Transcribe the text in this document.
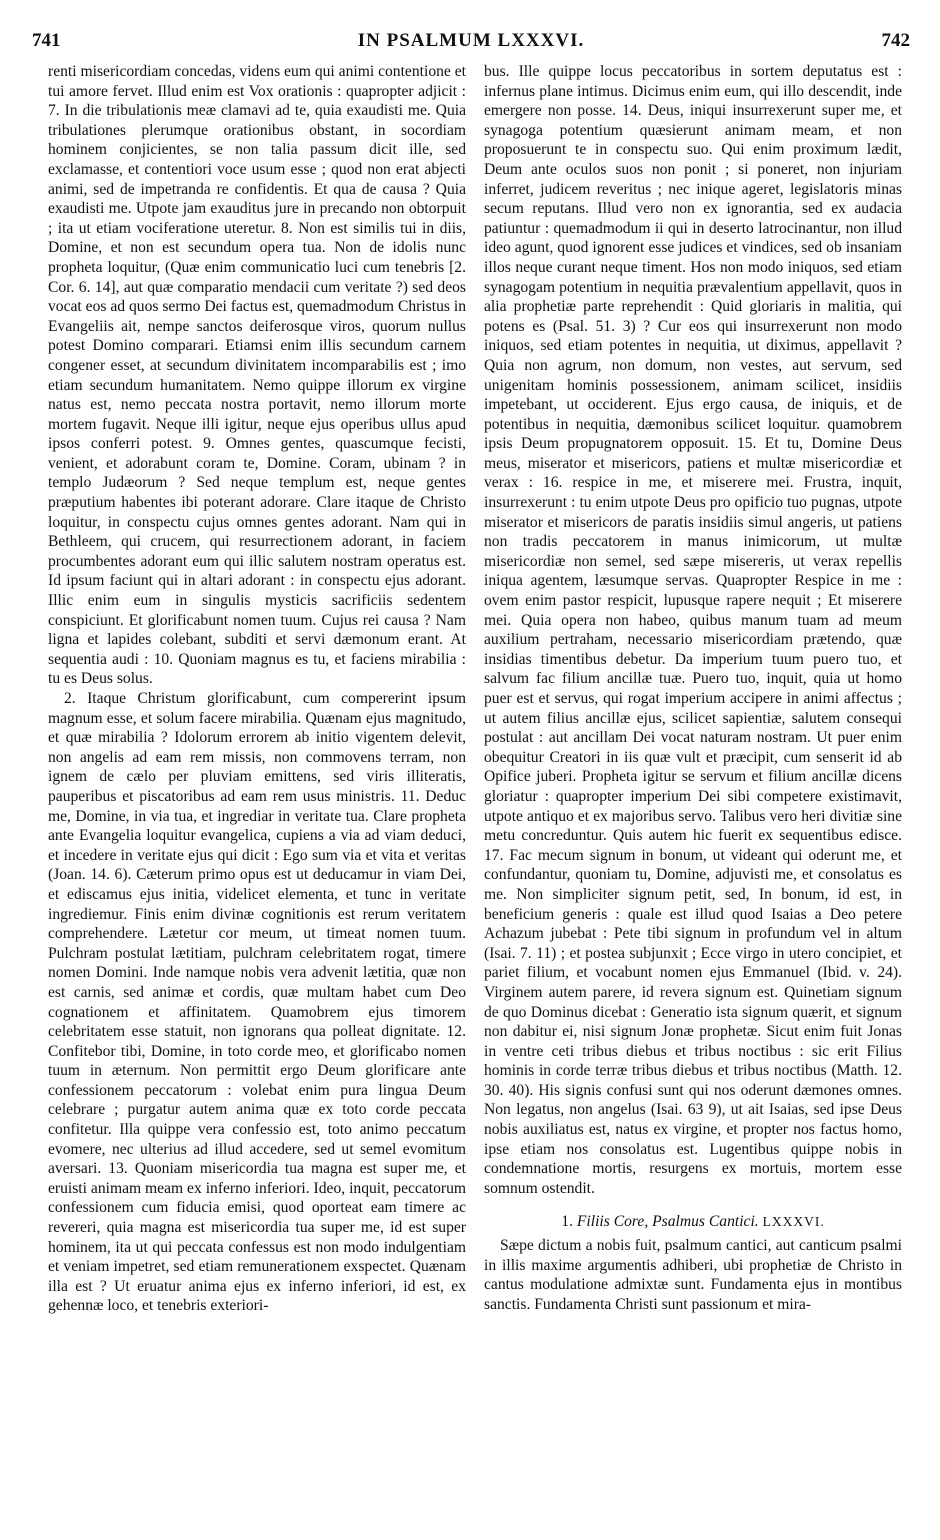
741	IN PSALMUM LXXXVI.	742

renti misericordiam concedas, videns eum qui animi contentione et tui amore fervet. Illud enim est Vox orationis : quapropter adjicit : 7. In die tribulationis meæ clamavi ad te, quia exaudisti me. Quia tribulationes plerumque orationibus obstant, in socordiam hominem conjicientes, se non talia passum dicit ille, sed exclamasse, et contentiori voce usum esse ; quod non erat abjecti animi, sed de impetranda re confidentis. Et qua de causa ? Quia exaudisti me. Utpote jam exauditus jure in precando non obtorpuit ; ita ut etiam vociferatione uteretur. 8. Non est similis tui in diis, Domine, et non est secundum opera tua. Non de idolis nunc propheta loquitur, (Quæ enim communicatio luci cum tenebris [2. Cor. 6. 14], aut quæ comparatio mendacii cum veritate ?) sed deos vocat eos ad quos sermo Dei factus est, quemadmodum Christus in Evangeliis ait, nempe sanctos deiferosque viros, quorum nullus potest Domino comparari. Etiamsi enim illis secundum carnem congener esset, at secundum divinitatem incomparabilis est ; imo etiam secundum humanitatem. Nemo quippe illorum ex virgine natus est, nemo peccata nostra portavit, nemo illorum morte mortem fugavit. Neque illi igitur, neque ejus operibus ullus apud ipsos conferri potest. 9. Omnes gentes, quascumque fecisti, venient, et adorabunt coram te, Domine. Coram, ubinam ? in templo Judæorum ? Sed neque templum est, neque gentes præputium habentes ibi poterant adorare. Clare itaque de Christo loquitur, in conspectu cujus omnes gentes adorant. Nam qui in Bethleem, qui crucem, qui resurrectionem adorant, in faciem procumbentes adorant eum qui illic salutem nostram operatus est. Id ipsum faciunt qui in altari adorant : in conspectu ejus adorant. Illic enim eum in singulis mysticis sacrificiis sedentem conspiciunt. Et glorificabunt nomen tuum. Cujus rei causa ? Nam ligna et lapides colebant, subditi et servi dæmonum erant. At sequentia audi : 10. Quoniam magnus es tu, et faciens mirabilia : tu es Deus solus.

2. Itaque Christum glorificabunt, cum compererint ipsum magnum esse, et solum facere mirabilia. Quænam ejus magnitudo, et quæ mirabilia ? Idolorum errorem ab initio vigentem delevit, non angelis ad eam rem missis, non commovens terram, non ignem de cælo per pluviam emittens, sed viris illiteratis, pauperibus et piscatoribus ad eam rem usus ministris. 11. Deduc me, Domine, in via tua, et ingrediar in veritate tua. Clare propheta ante Evangelia loquitur evangelica, cupiens a via ad viam deduci, et incedere in veritate ejus qui dicit : Ego sum via et vita et veritas (Joan. 14. 6). Cæterum primo opus est ut deducamur in viam Dei, et ediscamus ejus initia, videlicet elementa, et tunc in veritate ingrediemur. Finis enim divinæ cognitionis est rerum veritatem comprehendere. Lætetur cor meum, ut timeat nomen tuum. Pulchram postulat lætitiam, pulchram celebritatem rogat, timere nomen Domini. Inde namque nobis vera advenit lætitia, quæ non est carnis, sed animæ et cordis, quæ multam habet cum Deo cognationem et affinitatem. Quamobrem ejus timorem celebritatem esse statuit, non ignorans qua polleat dignitate. 12. Confitebor tibi, Domine, in toto corde meo, et glorificabo nomen tuum in æternum. Non permittit ergo Deum glorificare ante confessionem peccatorum : volebat enim pura lingua Deum celebrare ; purgatur autem anima quæ ex toto corde peccata confitetur. Illa quippe vera confessio est, toto animo peccatum evomere, nec ulterius ad illud accedere, sed ut semel evomitum aversari. 13. Quoniam misericordia tua magna est super me, et eruisti animam meam ex inferno inferiori. Ideo, inquit, peccatorum confessionem cum fiducia emisi, quod oporteat eam timere ac revereri, quia magna est misericordia tua super me, id est super hominem, ita ut qui peccata confessus est non modo indulgentiam et veniam impetret, sed etiam remunerationem exspectet. Quænam illa est ? Ut eruatur anima ejus ex inferno inferiori, id est, ex gehennæ loco, et tenebris exteriori-

bus. Ille quippe locus peccatoribus in sortem deputatus est : infernus plane intimus. Dicimus enim eum, qui illo descendit, inde emergere non posse. 14. Deus, iniqui insurrexerunt super me, et synagoga potentium quæsierunt animam meam, et non proposuerunt te in conspectu suo. Qui enim proximum lædit, Deum ante oculos suos non ponit ; si poneret, non injuriam inferret, judicem reveritus ; nec inique ageret, legislatoris minas secum reputans. Illud vero non ex ignorantia, sed ex audacia patiuntur : quemadmodum ii qui in deserto latrocinantur, non illud ideo agunt, quod ignorent esse judices et vindices, sed ob insaniam illos neque curant neque timent. Hos non modo iniquos, sed etiam synagogam potentium in nequitia prævalentium appellavit, quos in alia prophetiæ parte reprehendit : Quid gloriaris in malitia, qui potens es (Psal. 51. 3) ? Cur eos qui insurrexerunt non modo iniquos, sed etiam potentes in nequitia, ut diximus, appellavit ? Quia non agrum, non domum, non vestes, aut servum, sed unigenitam hominis possessionem, animam scilicet, insidiis impetebant, ut occiderent. Ejus ergo causa, de iniquis, et de potentibus in nequitia, dæmonibus scilicet loquitur. quamobrem ipsis Deum propugnatorem opposuit. 15. Et tu, Domine Deus meus, miserator et misericors, patiens et multæ misericordiæ et verax : 16. respice in me, et miserere mei. Frustra, inquit, insurrexerunt : tu enim utpote Deus pro opificio tuo pugnas, utpote miserator et misericors de paratis insidiis simul angeris, ut patiens non tradis peccatorem in manus inimicorum, ut multæ misericordiæ non semel, sed sæpe misereris, ut verax repellis iniqua agentem, læsumque servas. Quapropter Respice in me : ovem enim pastor respicit, lupusque rapere nequit ; Et miserere mei. Quia opera non habeo, quibus manum tuam ad meum auxilium pertraham, necessario misericordiam prætendo, quæ insidias timentibus debetur. Da imperium tuum puero tuo, et salvum fac filium ancillæ tuæ. Puero tuo, inquit, quia ut homo puer est et servus, qui rogat imperium accipere in animi affectus ; ut autem filius ancillæ ejus, scilicet sapientiæ, salutem consequi postulat : aut ancillam Dei vocat naturam nostram. Ut puer enim obequitur Creatori in iis quæ vult et præcipit, cum senserit id ab Opifice juberi. Propheta igitur se servum et filium ancillæ dicens gloriatur : quapropter imperium Dei sibi competere existimavit, utpote antiquo et ex majoribus servo. Talibus vero heri divitiæ sine metu concreduntur. Quis autem hic fuerit ex sequentibus edisce. 17. Fac mecum signum in bonum, ut videant qui oderunt me, et confundantur, quoniam tu, Domine, adjuvisti me, et consolatus es me. Non simpliciter signum petit, sed, In bonum, id est, in beneficium generis : quale est illud quod Isaias a Deo petere Achazum jubebat : Pete tibi signum in profundum vel in altum (Isai. 7. 11) ; et postea subjunxit ; Ecce virgo in utero concipiet, et pariet filium, et vocabunt nomen ejus Emmanuel (Ibid. v. 24). Virginem autem parere, id revera signum est. Quinetiam signum de quo Dominus dicebat : Generatio ista signum quærit, et signum non dabitur ei, nisi signum Jonæ prophetæ. Sicut enim fuit Jonas in ventre ceti tribus diebus et tribus noctibus : sic erit Filius hominis in corde terræ tribus diebus et tribus noctibus (Matth. 12. 30. 40). His signis confusi sunt qui nos oderunt dæmones omnes. Non legatus, non angelus (Isai. 63 9), ut ait Isaias, sed ipse Deus nobis auxiliatus est, natus ex virgine, et propter nos factus homo, ipse etiam nos consolatus est. Lugentibus quippe nobis in condemnatione mortis, resurgens ex mortuis, mortem esse somnum ostendit.

1. Filiis Core, Psalmus Cantici. LXXXVI.

Sæpe dictum a nobis fuit, psalmum cantici, aut canticum psalmi in illis maxime argumentis adhiberi, ubi prophetiæ de Christo in cantus modulatione admixtæ sunt. Fundamenta ejus in montibus sanctis. Fundamenta Christi sunt passionum et mira-
